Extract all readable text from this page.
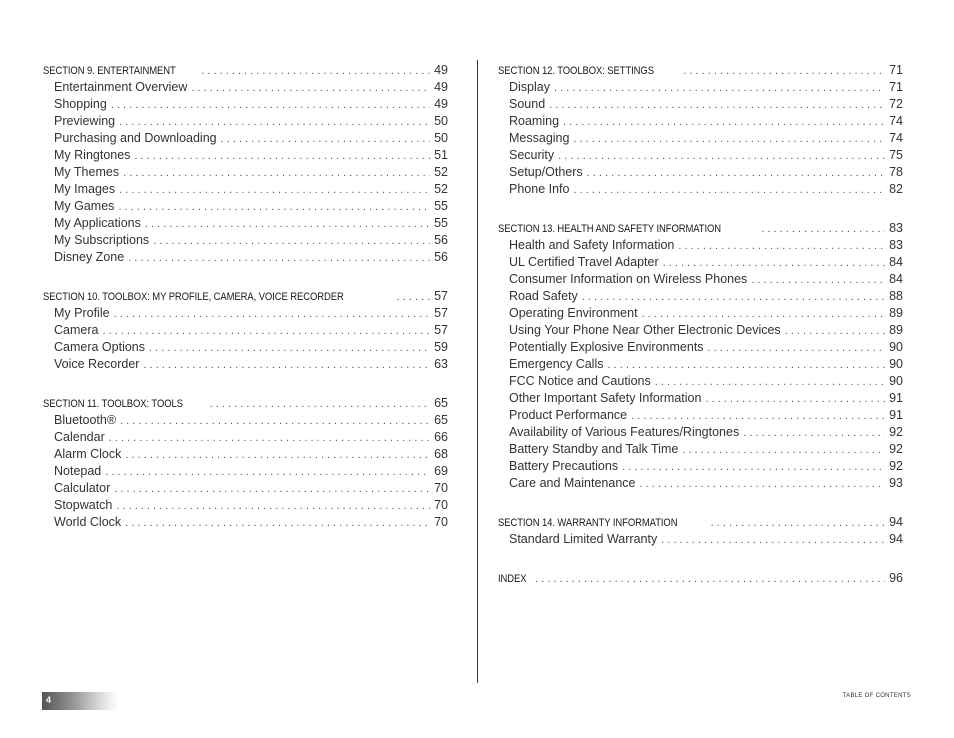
SECTION 9. ENTERTAINMENT . . .	49
Entertainment Overview . . .	49
Shopping . . .	49
Previewing . . .	50
Purchasing and Downloading . . .	50
My Ringtones . . .	51
My Themes . . .	52
My Images . . .	52
My Games . . .	55
My Applications . . .	55
My Subscriptions . . .	56
Disney Zone . . .	56
SECTION 10. TOOLBOX: MY PROFILE, CAMERA, VOICE RECORDER . . .	57
My Profile . . .	57
Camera . . .	57
Camera Options . . .	59
Voice Recorder . . .	63
SECTION 11. TOOLBOX: TOOLS . . .	65
Bluetooth® . . .	65
Calendar . . .	66
Alarm Clock . . .	68
Notepad . . .	69
Calculator . . .	70
Stopwatch . . .	70
World Clock . . .	70
SECTION 12. TOOLBOX: SETTINGS . . .	71
Display . . .	71
Sound . . .	72
Roaming . . .	74
Messaging . . .	74
Security . . .	75
Setup/Others . . .	78
Phone Info . . .	82
SECTION 13. HEALTH AND SAFETY INFORMATION . . .	83
Health and Safety Information . . .	83
UL Certified Travel Adapter . . .	84
Consumer Information on Wireless Phones . . .	84
Road Safety . . .	88
Operating Environment . . .	89
Using Your Phone Near Other Electronic Devices . . .	89
Potentially Explosive Environments . . .	90
Emergency Calls . . .	90
FCC Notice and Cautions . . .	90
Other Important Safety Information . . .	91
Product Performance . . .	91
Availability of Various Features/Ringtones . . .	92
Battery Standby and Talk Time . . .	92
Battery Precautions . . .	92
Care and Maintenance . . .	93
SECTION 14. WARRANTY INFORMATION . . .	94
Standard Limited Warranty . . .	94
INDEX . . .	96
4	TABLE OF CONTENTS
